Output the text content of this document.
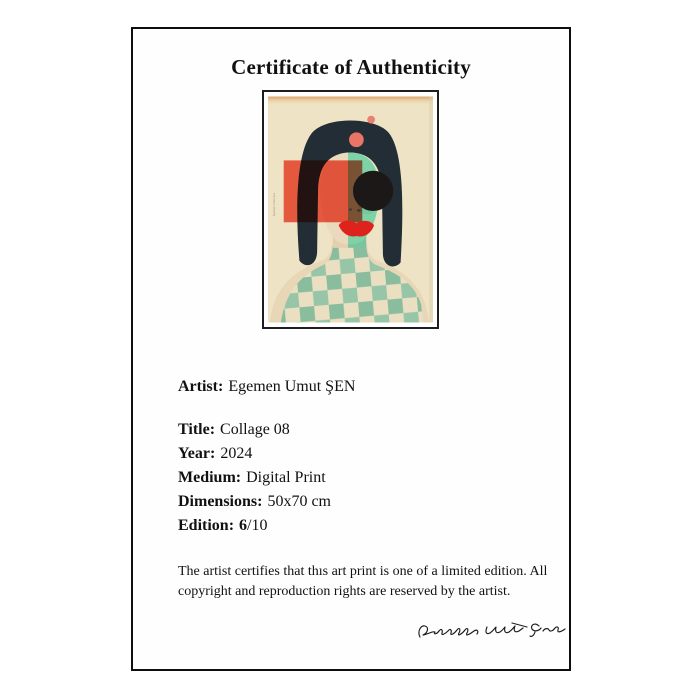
Certificate of Authenticity
Egemen Umut Şen
Artist: Egemen Umut ŞEN
Title: Collage 08
Year: 2024
Medium: Digital Print
Dimensions: 50x70 cm
Edition: 6/10
The artist certifies that thıs art print is one of a limited edition. All copyright and reproduction rights are reserved by the artist.
